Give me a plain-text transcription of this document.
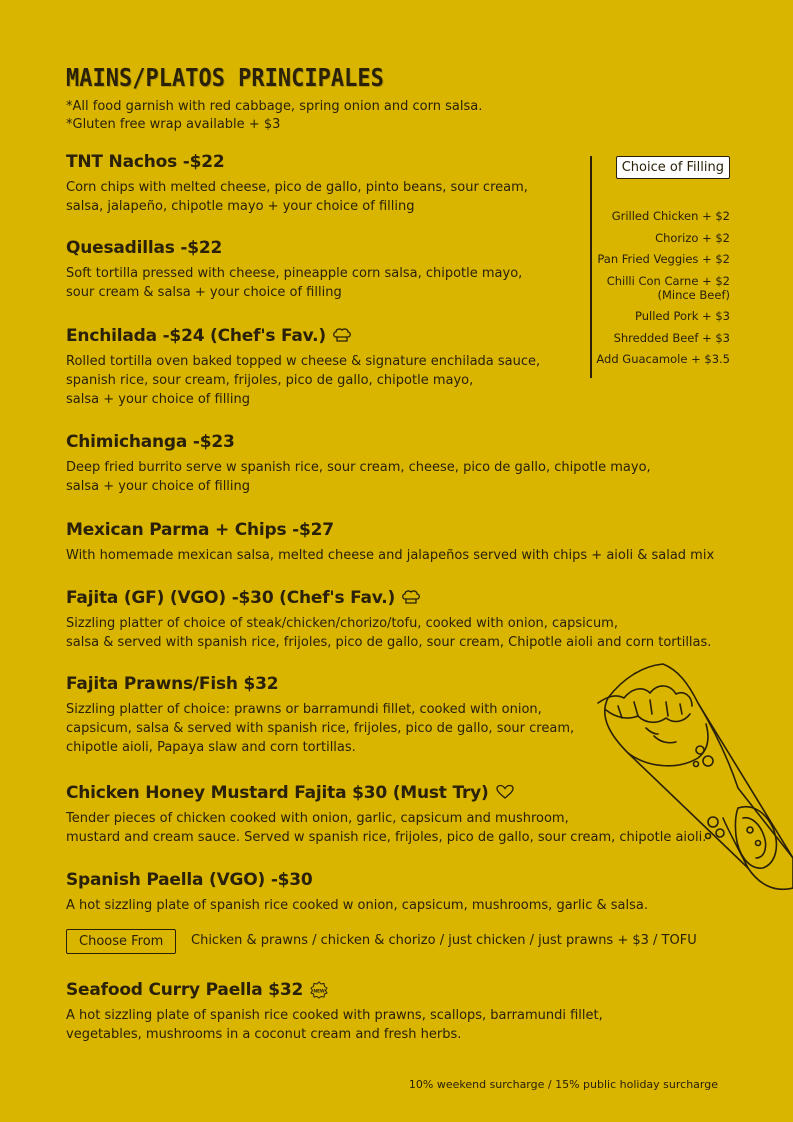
MAINS/PLATOS PRINCIPALES
*All food garnish with red cabbage, spring onion and corn salsa.
*Gluten free wrap available + $3
TNT Nachos -$22

Corn chips with melted cheese, pico de gallo, pinto beans, sour cream,
salsa, jalapeño, chipotle mayo + your choice of filling

Quesadillas -$22

Soft tortilla pressed with cheese, pineapple corn salsa, chipotle mayo,
sour cream & salsa + your choice of filling

Enchilada -$24 (Chef's Fav.)

Rolled tortilla oven baked topped w cheese & signature enchilada sauce,
spanish rice, sour cream, frijoles, pico de gallo, chipotle mayo,
salsa + your choice of filling

Chimichanga -$23

Deep fried burrito serve w spanish rice, sour cream, cheese, pico de gallo, chipotle mayo,
salsa + your choice of filling

Mexican Parma + Chips -$27

With homemade mexican salsa, melted cheese and jalapeños served with chips + aioli & salad mix

Fajita (GF) (VGO) -$30 (Chef's Fav.)

Sizzling platter of choice of steak/chicken/chorizo/tofu, cooked with onion, capsicum,
salsa & served with spanish rice, frijoles, pico de gallo, sour cream, Chipotle aioli and corn tortillas.

Fajita Prawns/Fish $32

Sizzling platter of choice: prawns or barramundi fillet, cooked with onion,
capsicum, salsa & served with spanish rice, frijoles, pico de gallo, sour cream,
chipotle aioli, Papaya slaw and corn tortillas.

Chicken Honey Mustard Fajita $30 (Must Try)

Tender pieces of chicken cooked with onion, garlic, capsicum and mushroom,
mustard and cream sauce. Served w spanish rice, frijoles, pico de gallo, sour cream, chipotle aioli.

Spanish Paella (VGO) -$30

A hot sizzling plate of spanish rice cooked w onion, capsicum, mushrooms, garlic & salsa.

Choose From	Chicken & prawns / chicken & chorizo / just chicken / just prawns + $3 / TOFU
Seafood Curry Paella $32 NEW

A hot sizzling plate of spanish rice cooked with prawns, scallops, barramundi fillet,
vegetables, mushrooms in a coconut cream and fresh herbs.

Choice of Filling
Grilled Chicken + $2
Chorizo + $2
Pan Fried Veggies + $2
Chilli Con Carne + $2
(Mince Beef)
Pulled Pork + $3
Shredded Beef + $3
Add Guacamole + $3.5
10% weekend surcharge / 15% public holiday surcharge
